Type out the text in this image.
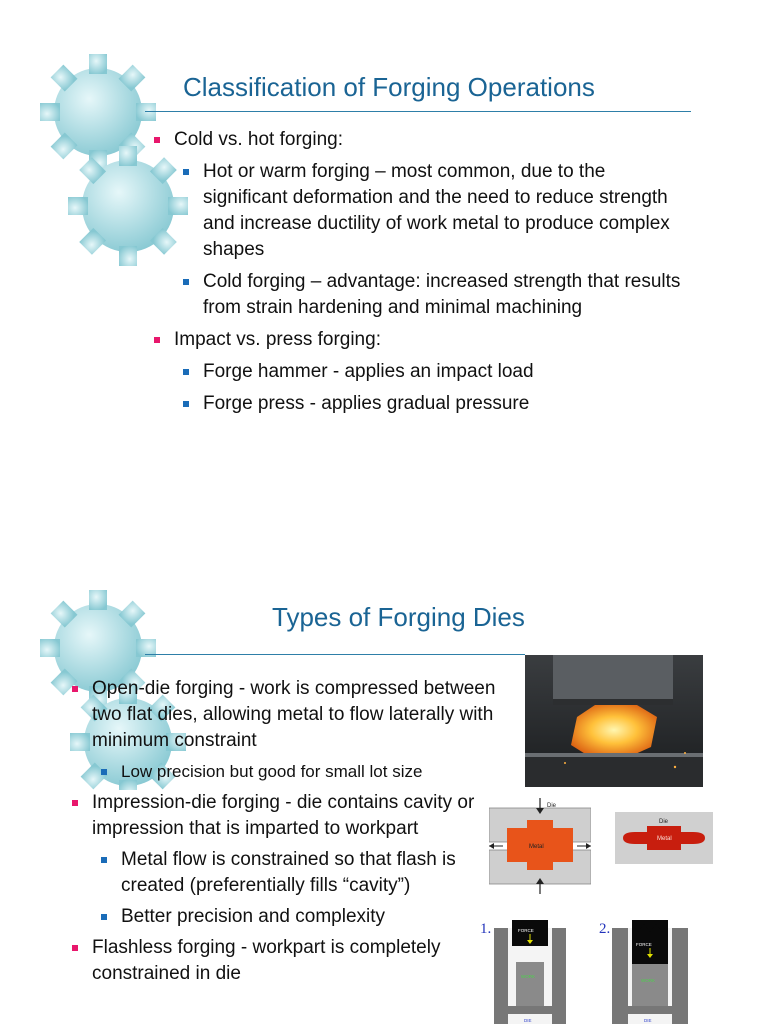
Classification of Forging Operations
Cold vs. hot forging:
Hot or warm forging – most common, due to the significant deformation and the need to reduce strength and increase ductility of work metal to produce complex shapes
Cold forging – advantage: increased strength that results from strain hardening and minimal machining
Impact vs. press forging:
Forge hammer - applies an impact load
Forge press - applies gradual pressure
Types of Forging Dies
Open-die forging - work is compressed between two flat dies, allowing metal to flow laterally with minimum constraint
Low precision but good for small lot size
Impression-die forging - die contains cavity or impression that is imparted to workpart
Metal flow is constrained so that flash is created (preferentially fills “cavity”)
Better precision and complexity
Flashless forging - workpart is completely constrained in die
Die
Metal
Die
Metal
1.	2.
FORCE
WORK
DIE
FORCE
WORK
DIE
